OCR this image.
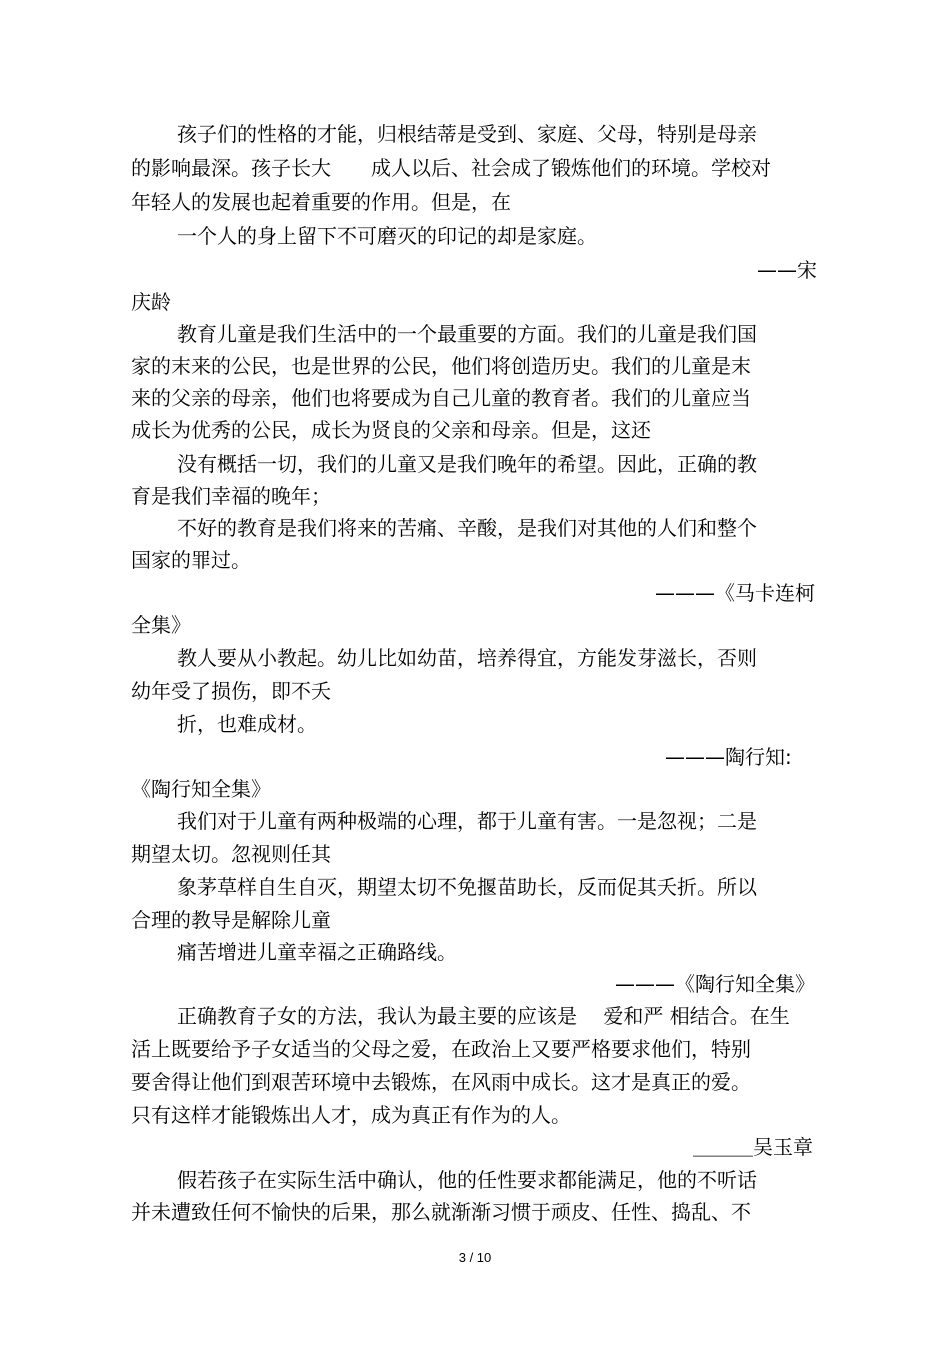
孩子们的性格的才能，归根结蒂是受到、家庭、父母，特别是母亲
的影响最深。孩子长大　　成人以后、社会成了锻炼他们的环境。学校对
年轻人的发展也起着重要的作用。但是，在
一个人的身上留下不可磨灭的印记的却是家庭。
——宋
庆龄
教育儿童是我们生活中的一个最重要的方面。我们的儿童是我们国
家的末来的公民，也是世界的公民，他们将创造历史。我们的儿童是末
来的父亲的母亲，他们也将要成为自己儿童的教育者。我们的儿童应当
成长为优秀的公民，成长为贤良的父亲和母亲。但是，这还
没有概括一切，我们的儿童又是我们晚年的希望。因此，正确的教
育是我们幸福的晚年；
不好的教育是我们将来的苦痛、辛酸，是我们对其他的人们和整个
国家的罪过。
———《马卡连柯
全集》
教人要从小教起。幼儿比如幼苗，培养得宜，方能发芽滋长，否则
幼年受了损伤，即不夭
折，也难成材。
———陶行知:
《陶行知全集》
我们对于儿童有两种极端的心理，都于儿童有害。一是忽视；二是
期望太切。忽视则任其
象茅草样自生自灭，期望太切不免揠苗助长，反而促其夭折。所以
合理的教导是解除儿童
痛苦增进儿童幸福之正确路线。
———《陶行知全集》
正确教育子女的方法，我认为最主要的应该是　 爱和严 相结合。在生
活上既要给予子女适当的父母之爱，在政治上又要严格要求他们，特别
要舍得让他们到艰苦环境中去锻炼，在风雨中成长。这才是真正的爱。
只有这样才能锻炼出人才，成为真正有作为的人。
＿＿＿吴玉章
假若孩子在实际生活中确认，他的任性要求都能满足，他的不听话
并未遭致任何不愉快的后果，那么就渐渐习惯于顽皮、任性、捣乱、不
3 / 10
